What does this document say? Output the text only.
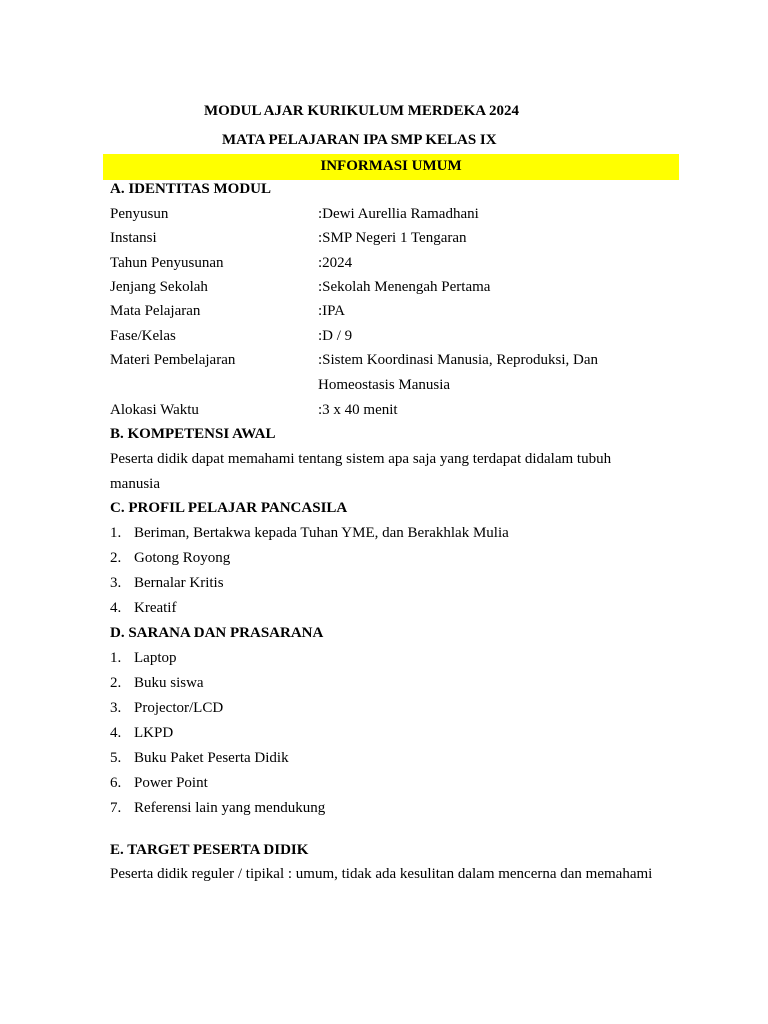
MODUL AJAR KURIKULUM MERDEKA 2024
MATA PELAJARAN IPA SMP KELAS IX
INFORMASI UMUM
A. IDENTITAS MODUL
Penyusun	:Dewi Aurellia Ramadhani
Instansi	:SMP Negeri 1 Tengaran
Tahun Penyusunan	:2024
Jenjang Sekolah	:Sekolah Menengah Pertama
Mata Pelajaran	:IPA
Fase/Kelas	:D / 9
Materi Pembelajaran	:Sistem Koordinasi Manusia, Reproduksi, Dan
Homeostasis Manusia
Alokasi Waktu	:3 x 40 menit
B. KOMPETENSI AWAL
Peserta didik dapat memahami tentang sistem apa saja yang terdapat didalam tubuh
manusia
C. PROFIL PELAJAR PANCASILA
1. Beriman, Bertakwa kepada Tuhan YME, dan Berakhlak Mulia
2. Gotong Royong
3. Bernalar Kritis
4. Kreatif
D. SARANA DAN PRASARANA
1. Laptop
2. Buku siswa
3. Projector/LCD
4. LKPD
5. Buku Paket Peserta Didik
6. Power Point
7. Referensi lain yang mendukung
E. TARGET PESERTA DIDIK
Peserta didik reguler / tipikal : umum, tidak ada kesulitan dalam mencerna dan memahami
